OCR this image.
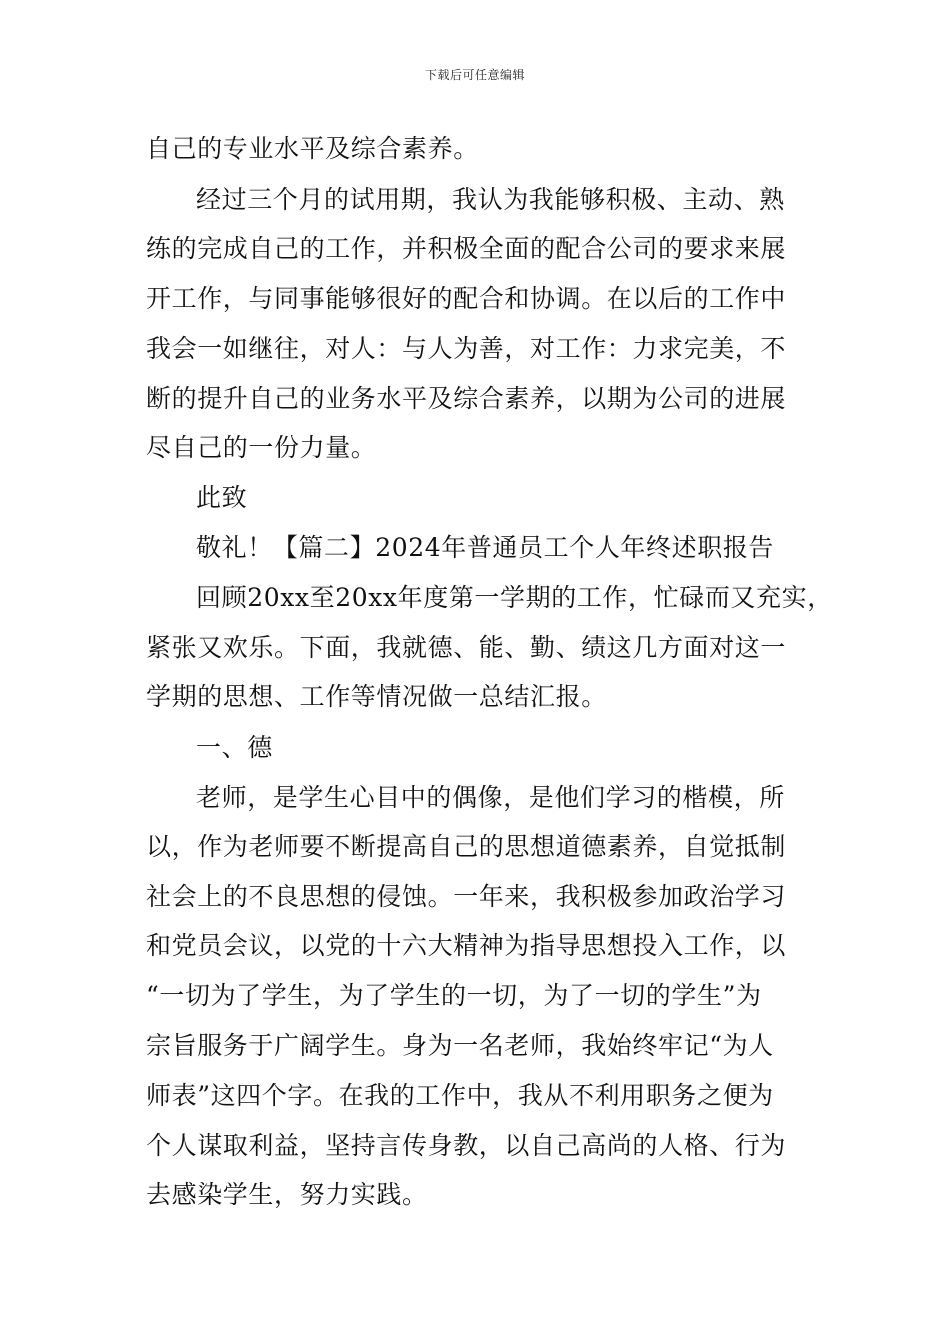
下载后可任意编辑
自己的专业水平及综合素养。
经过三个月的试用期，我认为我能够积极、主动、熟
练的完成自己的工作，并积极全面的配合公司的要求来展
开工作，与同事能够很好的配合和协调。在以后的工作中
我会一如继往，对人：与人为善，对工作：力求完美，不
断的提升自己的业务水平及综合素养，以期为公司的进展
尽自己的一份力量。
此致
敬礼！【篇二】2024年普通员工个人年终述职报告
回顾20xx至20xx年度第一学期的工作，忙碌而又充实，
紧张又欢乐。下面，我就德、能、勤、绩这几方面对这一
学期的思想、工作等情况做一总结汇报。
一、德
老师，是学生心目中的偶像，是他们学习的楷模，所
以，作为老师要不断提高自己的思想道德素养，自觉抵制
社会上的不良思想的侵蚀。一年来，我积极参加政治学习
和党员会议，以党的十六大精神为指导思想投入工作，以
“一切为了学生，为了学生的一切，为了一切的学生”为
宗旨服务于广阔学生。身为一名老师，我始终牢记“为人
师表”这四个字。在我的工作中，我从不利用职务之便为
个人谋取利益，坚持言传身教，以自己高尚的人格、行为
去感染学生，努力实践。
